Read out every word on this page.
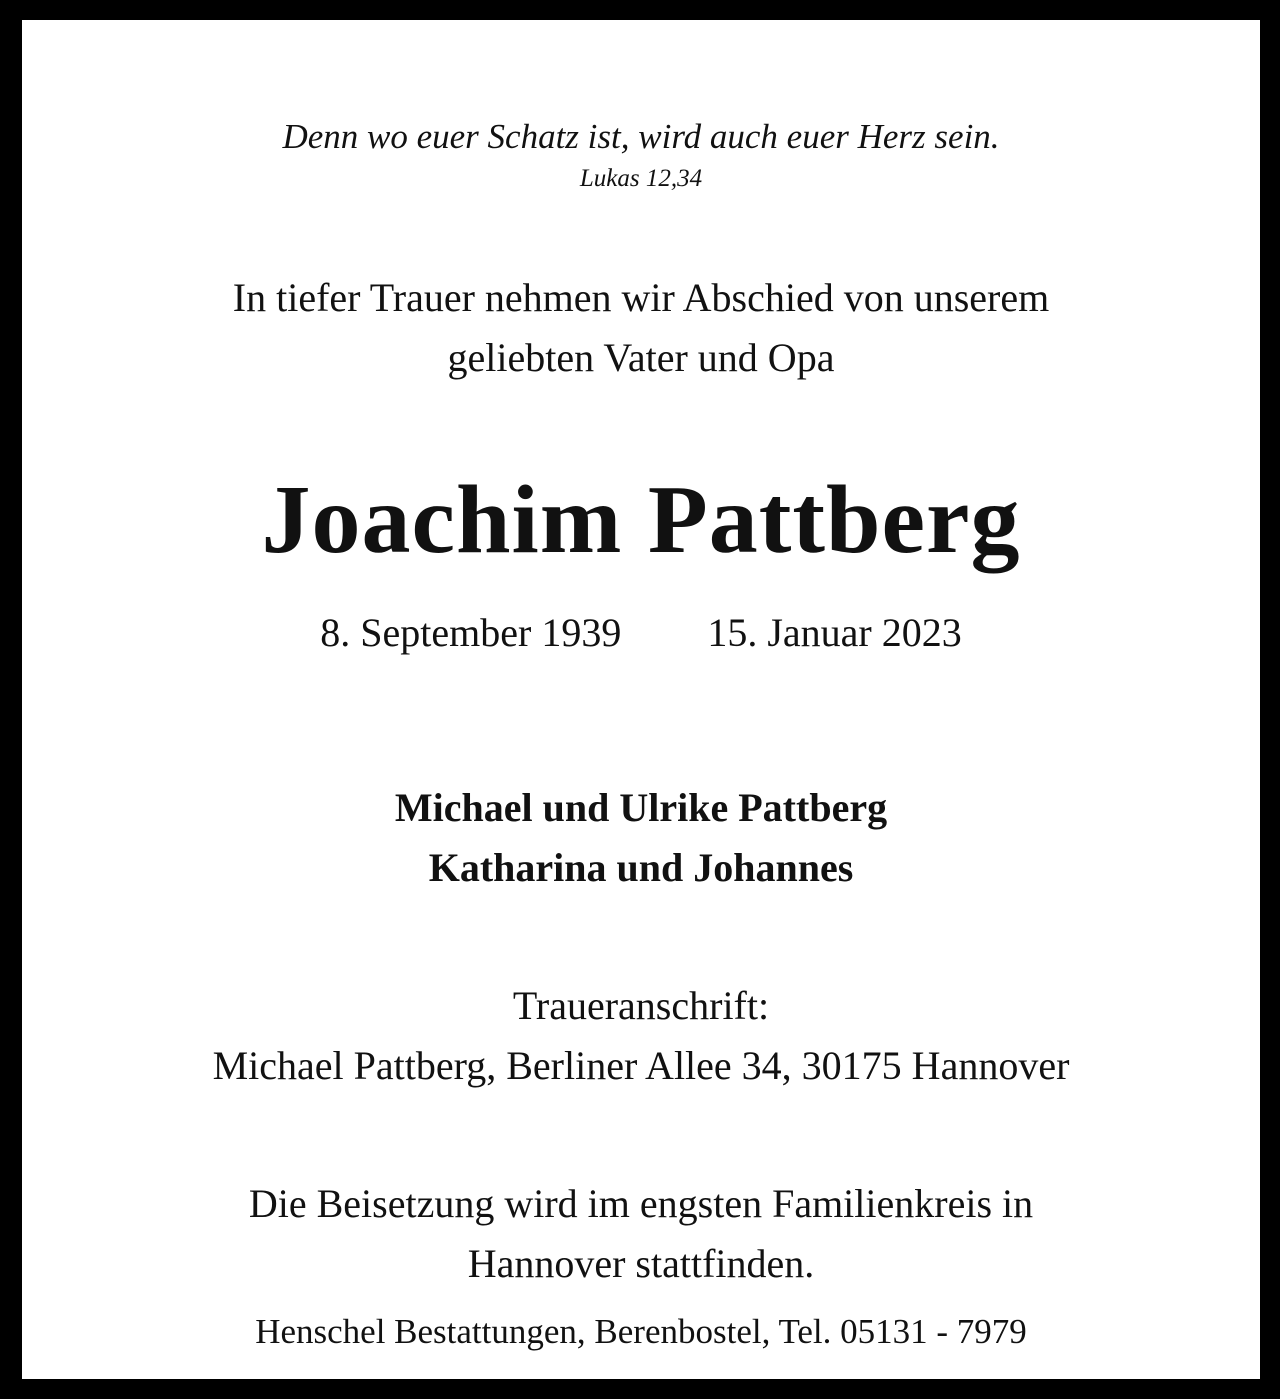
Denn wo euer Schatz ist, wird auch euer Herz sein.

Lukas 12,34

In tiefer Trauer nehmen wir Abschied von unserem
geliebten Vater und Opa
Joachim Pattberg
8. September 1939 15. Januar 2023
Michael und Ulrike Pattberg
Katharina und Johannes
Traueranschrift:
Michael Pattberg, Berliner Allee 34, 30175 Hannover
Die Beisetzung wird im engsten Familienkreis in
Hannover stattfinden.

Henschel Bestattungen, Berenbostel, Tel. 05131 - 7979
